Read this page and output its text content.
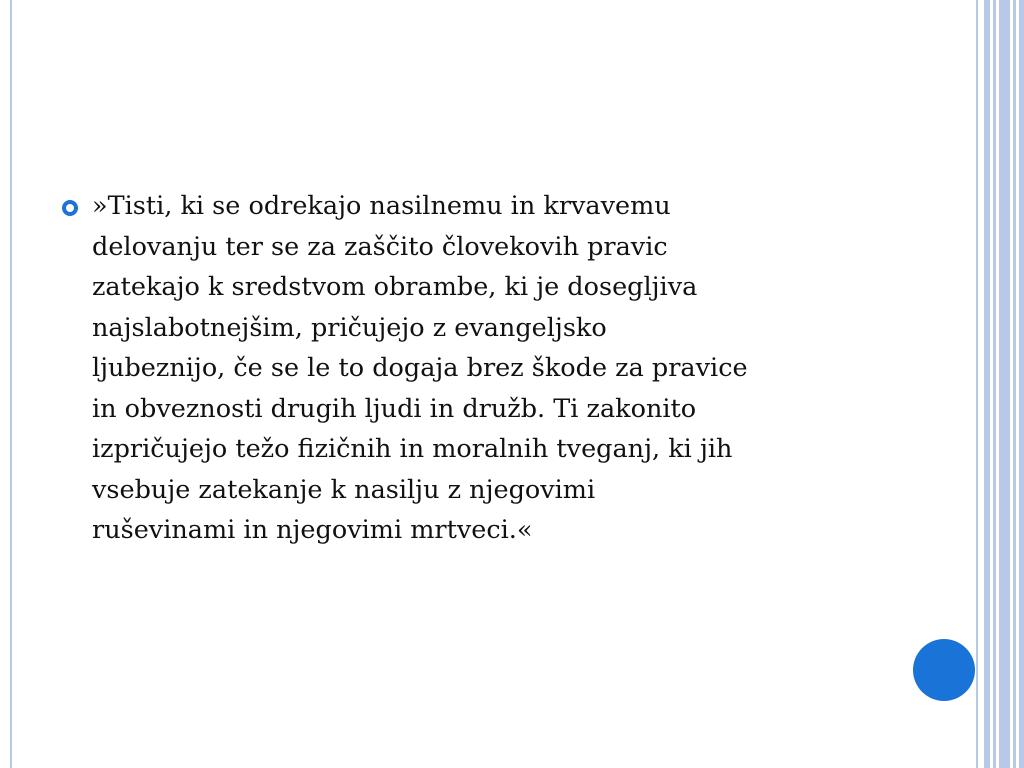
»Tisti, ki se odrekajo nasilnemu in krvavemu
delovanju ter se za zaščito človekovih pravic
zatekajo k sredstvom obrambe, ki je dosegljiva
najslabotnejšim, pričujejo z evangeljsko
ljubeznijo, če se le to dogaja brez škode za pravice
in obveznosti drugih ljudi in družb. Ti zakonito
izpričujejo težo fizičnih in moralnih tveganj, ki jih
vsebuje zatekanje k nasilju z njegovimi
ruševinami in njegovimi mrtveci.«
